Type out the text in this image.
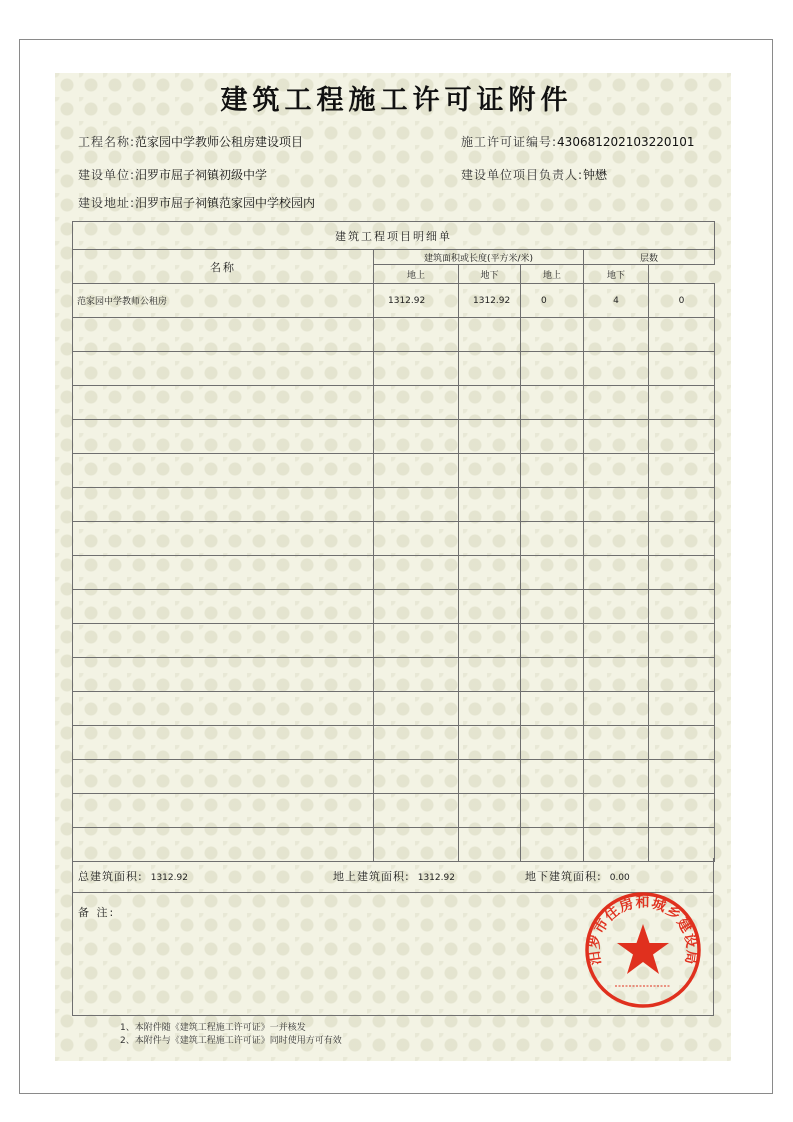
建筑工程施工许可证附件
工程名称:范家园中学教师公租房建设项目	施工许可证编号:430681202103220101
建设单位:汨罗市屈子祠镇初级中学	建设单位项目负责人:钟懋
建设地址:汨罗市屈子祠镇范家园中学校园内
建筑工程项目明细单					
名称	建筑面积或长度(平方米/米)			层数	
	地上	地下	地上	地下	
范家园中学教师公租房	1312.92	1312.92	0	4	0

总建筑面积: 1312.92	地上建筑面积: 1312.92	地下建筑面积: 0.00
备 注:
汨罗市住房和城乡建设局
1、本附件随《建筑工程施工许可证》一并核发
2、本附件与《建筑工程施工许可证》同时使用方可有效
